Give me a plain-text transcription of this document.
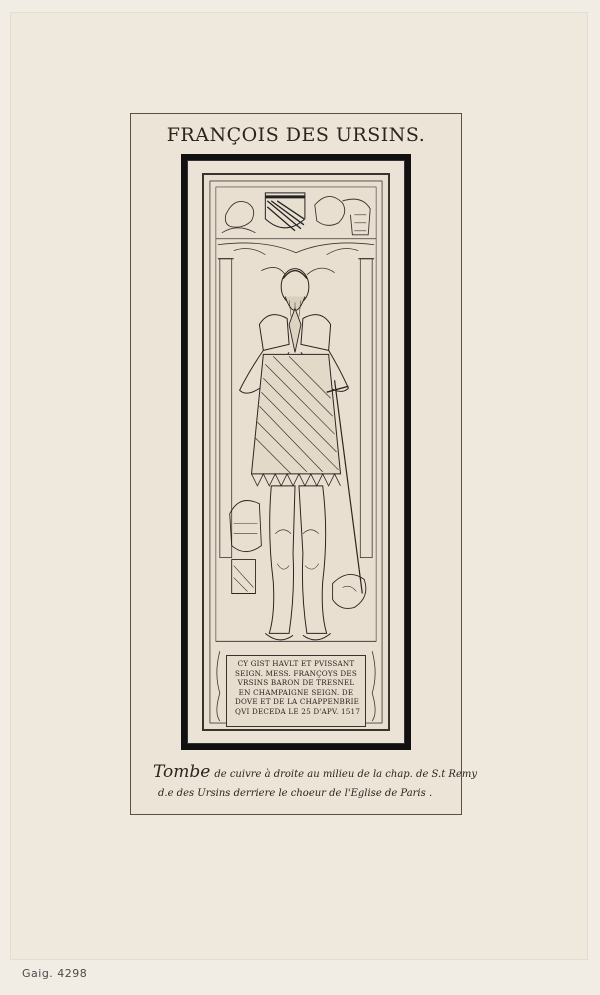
FRANÇOIS DES URSINS.
CY GIST HAVLT ET PVISSANT
SEIGN. MESS. FRANÇOYS DES
VRSINS BARON DE TRESNEL
EN CHAMPAIGNE SEIGN. DE
DOVE ET DE LA CHAPPENBRIE
QVI DECEDA LE 25 D'APV. 1517
Tombe de cuivre à droite au milieu de la chap. de S.t Remy
d.e des Ursins derriere le choeur de l'Eglise de Paris .
Gaig. 4298
